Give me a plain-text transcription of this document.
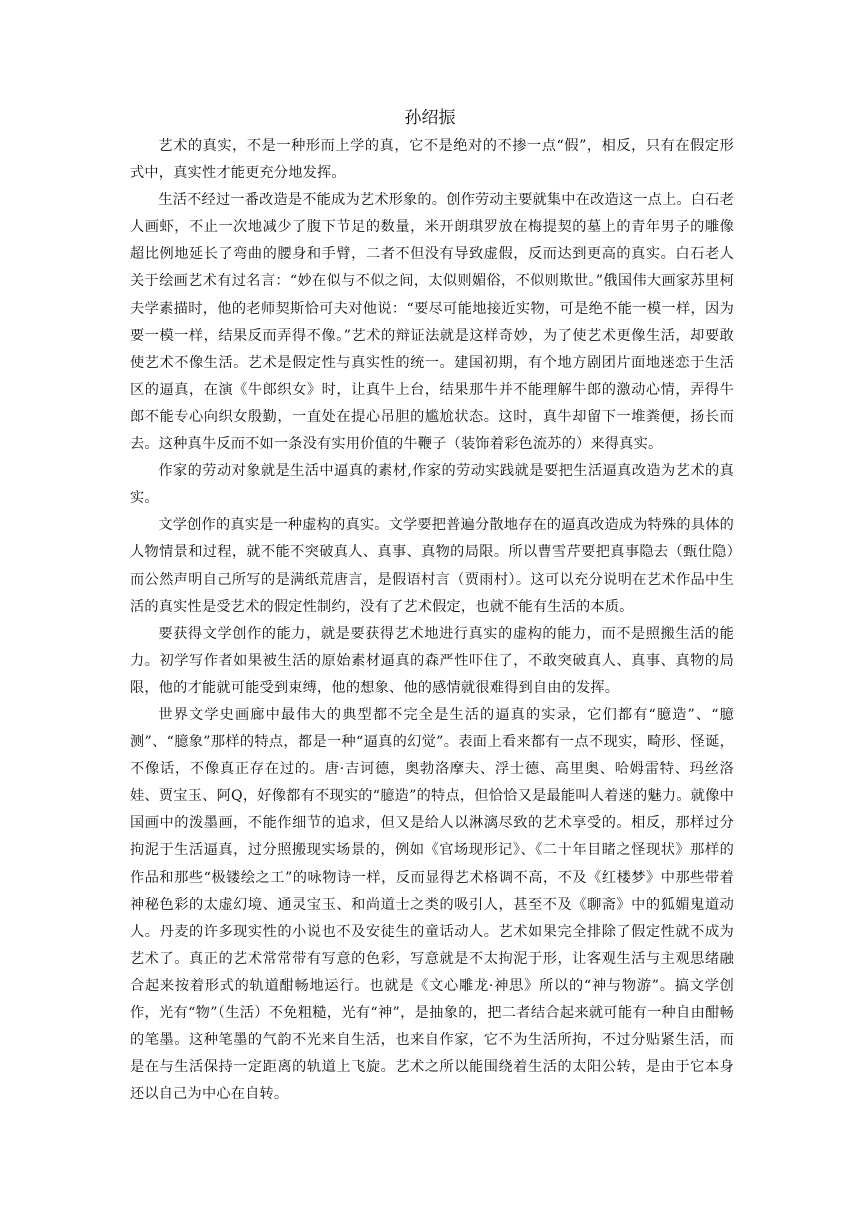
孙绍振

艺术的真实，不是一种形而上学的真，它不是绝对的不掺一点“假”，相反，只有在假定形式中，真实性才能更充分地发挥。

生活不经过一番改造是不能成为艺术形象的。创作劳动主要就集中在改造这一点上。白石老人画虾，不止一次地减少了腹下节足的数量，米开朗琪罗放在梅提契的墓上的青年男子的雕像超比例地延长了弯曲的腰身和手臂，二者不但没有导致虚假，反而达到更高的真实。白石老人关于绘画艺术有过名言：“妙在似与不似之间，太似则媚俗，不似则欺世。”俄国伟大画家苏里柯夫学素描时，他的老师契斯恰可夫对他说：“要尽可能地接近实物，可是绝不能一模一样，因为要一模一样，结果反而弄得不像。”艺术的辩证法就是这样奇妙，为了使艺术更像生活，却要敢使艺术不像生活。艺术是假定性与真实性的统一。建国初期，有个地方剧团片面地迷恋于生活区的逼真，在演《牛郎织女》时，让真牛上台，结果那牛并不能理解牛郎的激动心情，弄得牛郎不能专心向织女殷勤，一直处在提心吊胆的尴尬状态。这时，真牛却留下一堆粪便，扬长而去。这种真牛反而不如一条没有实用价值的牛鞭子（装饰着彩色流苏的）来得真实。

作家的劳动对象就是生活中逼真的素材,作家的劳动实践就是要把生活逼真改造为艺术的真实。

文学创作的真实是一种虚构的真实。文学要把普遍分散地存在的逼真改造成为特殊的具体的人物情景和过程，就不能不突破真人、真事、真物的局限。所以曹雪芹要把真事隐去（甄仕隐）而公然声明自己所写的是满纸荒唐言，是假语村言（贾雨村）。这可以充分说明在艺术作品中生活的真实性是受艺术的假定性制约，没有了艺术假定，也就不能有生活的本质。

要获得文学创作的能力，就是要获得艺术地进行真实的虚构的能力，而不是照搬生活的能力。初学写作者如果被生活的原始素材逼真的森严性吓住了，不敢突破真人、真事、真物的局限，他的才能就可能受到束缚，他的想象、他的感情就很难得到自由的发挥。

世界文学史画廊中最伟大的典型都不完全是生活的逼真的实录，它们都有“臆造”、“臆测”、“臆象”那样的特点，都是一种“逼真的幻觉”。表面上看来都有一点不现实，畸形、怪诞，不像话，不像真正存在过的。唐·吉诃德，奥勃洛摩夫、浮士德、高里奥、哈姆雷特、玛丝洛娃、贾宝玉、阿Q，好像都有不现实的“臆造”的特点，但恰恰又是最能叫人着迷的魅力。就像中国画中的泼墨画，不能作细节的追求，但又是给人以淋漓尽致的艺术享受的。相反，那样过分拘泥于生活逼真，过分照搬现实场景的，例如《官场现形记》、《二十年目睹之怪现状》那样的作品和那些“极镂绘之工”的咏物诗一样，反而显得艺术格调不高，不及《红楼梦》中那些带着神秘色彩的太虚幻境、通灵宝玉、和尚道士之类的吸引人，甚至不及《聊斋》中的狐媚鬼道动人。丹麦的许多现实性的小说也不及安徒生的童话动人。艺术如果完全排除了假定性就不成为艺术了。真正的艺术常常带有写意的色彩，写意就是不太拘泥于形，让客观生活与主观思绪融合起来按着形式的轨道酣畅地运行。也就是《文心雕龙·神思》所以的“神与物游”。搞文学创作，光有“物”（生活）不免粗糙，光有“神”，是抽象的，把二者结合起来就可能有一种自由酣畅的笔墨。这种笔墨的气韵不光来自生活，也来自作家，它不为生活所拘，不过分贴紧生活，而是在与生活保持一定距离的轨道上飞旋。艺术之所以能围绕着生活的太阳公转，是由于它本身还以自己为中心在自转。
